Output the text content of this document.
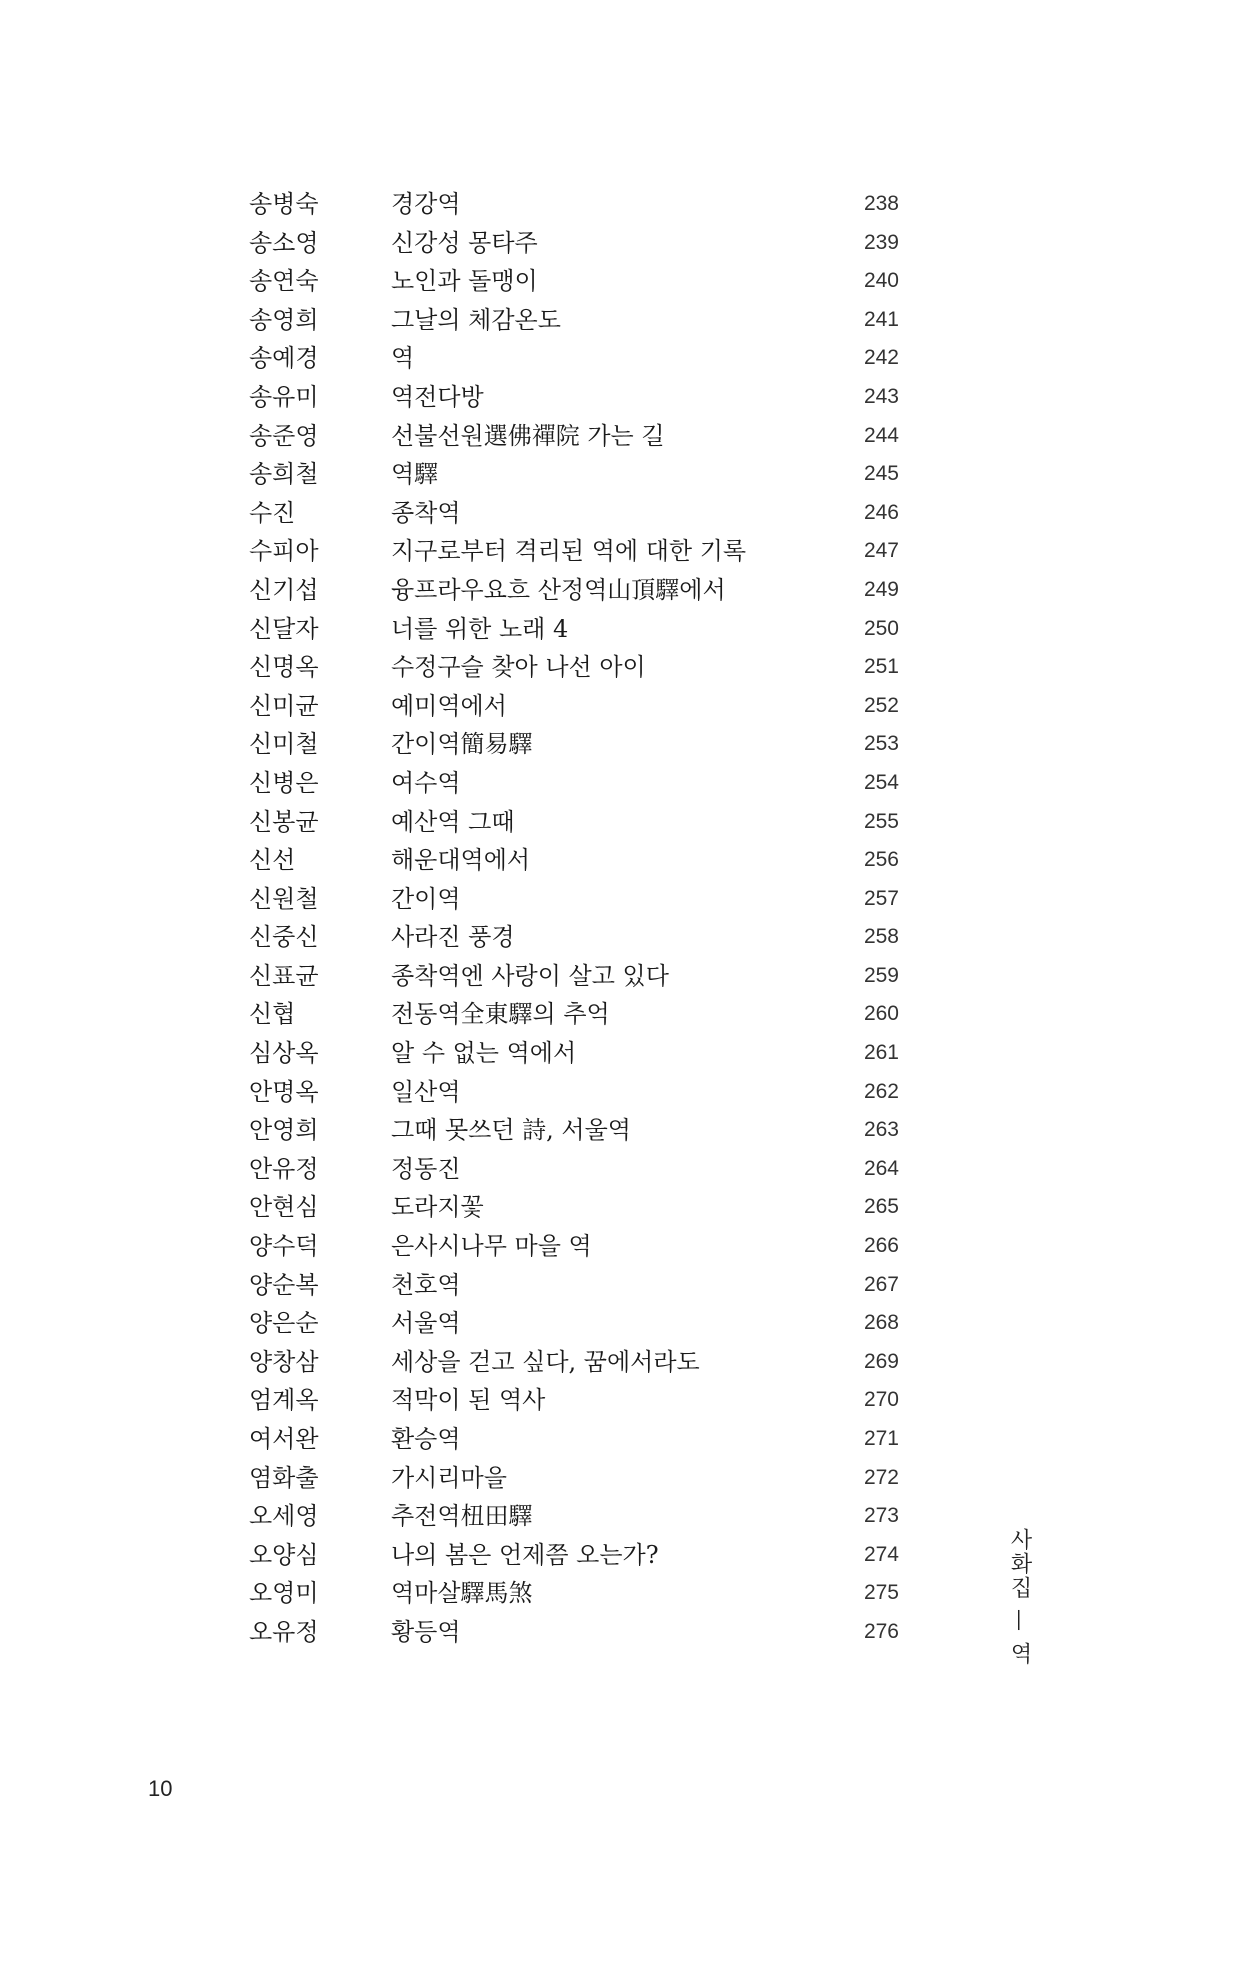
송병숙	경강역	238
송소영	신강성 몽타주	239
송연숙	노인과 돌맹이	240
송영희	그날의 체감온도	241
송예경	역	242
송유미	역전다방	243
송준영	선불선원選佛禪院 가는 길	244
송희철	역驛	245
수진	종착역	246
수피아	지구로부터 격리된 역에 대한 기록	247
신기섭	융프라우요흐 산정역山頂驛에서	249
신달자	너를 위한 노래 4	250
신명옥	수정구슬 찾아 나선 아이	251
신미균	예미역에서	252
신미철	간이역簡易驛	253
신병은	여수역	254
신봉균	예산역 그때	255
신선	해운대역에서	256
신원철	간이역	257
신중신	사라진 풍경	258
신표균	종착역엔 사랑이 살고 있다	259
신협	전동역全東驛의 추억	260
심상옥	알 수 없는 역에서	261
안명옥	일산역	262
안영희	그때 못쓰던 詩, 서울역	263
안유정	정동진	264
안현심	도라지꽃	265
양수덕	은사시나무 마을 역	266
양순복	천호역	267
양은순	서울역	268
양창삼	세상을 걷고 싶다, 꿈에서라도	269
엄계옥	적막이 된 역사	270
여서완	환승역	271
염화출	가시리마을	272
오세영	추전역杻田驛	273
오양심	나의 봄은 언제쯤 오는가?	274
오영미	역마살驛馬煞	275
오유정	황등역	276
10
사화집 — 역
